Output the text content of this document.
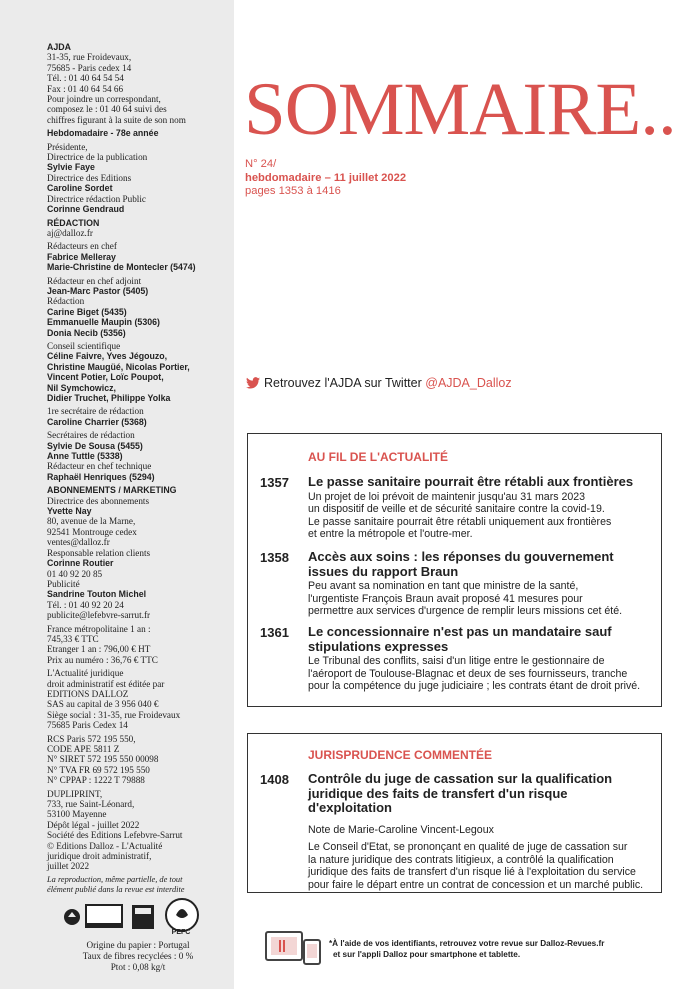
AJDA
31-35, rue Froidevaux,
75685 - Paris cedex 14
Tél. : 01 40 64 54 54
Fax : 01 40 64 54 66
Pour joindre un correspondant,
composez le : 01 40 64 suivi des
chiffres figurant à la suite de son nom
Hebdomadaire - 78e année
Présidente,
Directrice de la publication
Sylvie Faye
Directrice des Editions
Caroline Sordet
Directrice rédaction Public
Corinne Gendraud
RÉDACTION
aj@dalloz.fr
Rédacteurs en chef
Fabrice Melleray
Marie-Christine de Montecler (5474)
Rédacteur en chef adjoint
Jean-Marc Pastor (5405)
Rédaction
Carine Biget (5435)
Emmanuelle Maupin (5306)
Donia Necib (5356)
Conseil scientifique
Céline Faivre, Yves Jégouzo,
Christine Maugüé, Nicolas Portier,
Vincent Potier, Loïc Poupot,
Nil Symchowicz,
Didier Truchet, Philippe Yolka
1re secrétaire de rédaction
Caroline Charrier (5368)
Secrétaires de rédaction
Sylvie De Sousa (5455)
Anne Tuttle (5338)
Rédacteur en chef technique
Raphaël Henriques (5294)
ABONNEMENTS / MARKETING
Directrice des abonnements
Yvette Nay
80, avenue de la Marne,
92541 Montrouge cedex
ventes@dalloz.fr
Responsable relation clients
Corinne Routier
01 40 92 20 85
Publicité
Sandrine Touton Michel
Tél. : 01 40 92 20 24
publicite@lefebvre-sarrut.fr
France métropolitaine 1 an :
745,33 € TTC
Etranger 1 an : 796,00 € HT
Prix au numéro : 36,76 € TTC
L'Actualité juridique
droit administratif est éditée par
EDITIONS DALLOZ
SAS au capital de 3 956 040 €
Siège social : 31-35, rue Froidevaux
75685 Paris Cedex 14
RCS Paris 572 195 550,
CODE APE 5811 Z
N° SIRET 572 195 550 00098
N° TVA FR 69 572 195 550
N° CPPAP : 1222 T 79888
DUPLIPRINT,
733, rue Saint-Léonard,
53100 Mayenne
Dépôt légal - juillet 2022
Société des Editions Lefebvre-Sarrut
© Editions Dalloz - L'Actualité
juridique droit administratif,
juillet 2022
La reproduction, même partielle, de tout
élément publié dans la revue est interdite
PEFC
Origine du papier : Portugal
Taux de fibres recyclées : 0 %
Ptot : 0,08 kg/t
SOMMAIRE..
N° 24/
hebdomadaire – 11 juillet 2022
pages 1353 à 1416
Retrouvez l'AJDA sur Twitter @AJDA_Dalloz
AU FIL DE L'ACTUALITÉ
1357 Le passe sanitaire pourrait être rétabli aux frontières
Un projet de loi prévoit de maintenir jusqu'au 31 mars 2023
un dispositif de veille et de sécurité sanitaire contre la covid-19.
Le passe sanitaire pourrait être rétabli uniquement aux frontières
et entre la métropole et l'outre-mer.
1358 Accès aux soins : les réponses du gouvernement issues du rapport Braun
Peu avant sa nomination en tant que ministre de la santé,
l'urgentiste François Braun avait proposé 41 mesures pour
permettre aux services d'urgence de remplir leurs missions cet été.
1361 Le concessionnaire n'est pas un mandataire sauf stipulations expresses
Le Tribunal des conflits, saisi d'un litige entre le gestionnaire de
l'aéroport de Toulouse-Blagnac et deux de ses fournisseurs, tranche
pour la compétence du juge judiciaire ; les contrats étant de droit privé.
JURISPRUDENCE COMMENTÉE
1408 Contrôle du juge de cassation sur la qualification juridique des faits de transfert d'un risque d'exploitation
Note de Marie-Caroline Vincent-Legoux
Le Conseil d'Etat, se prononçant en qualité de juge de cassation sur
la nature juridique des contrats litigieux, a contrôlé la qualification
juridique des faits de transfert d'un risque lié à l'exploitation du service
pour faire le départ entre un contrat de concession et un marché public.
*À l'aide de vos identifiants, retrouvez votre revue sur Dalloz-Revues.fr
et sur l'appli Dalloz pour smartphone et tablette.
